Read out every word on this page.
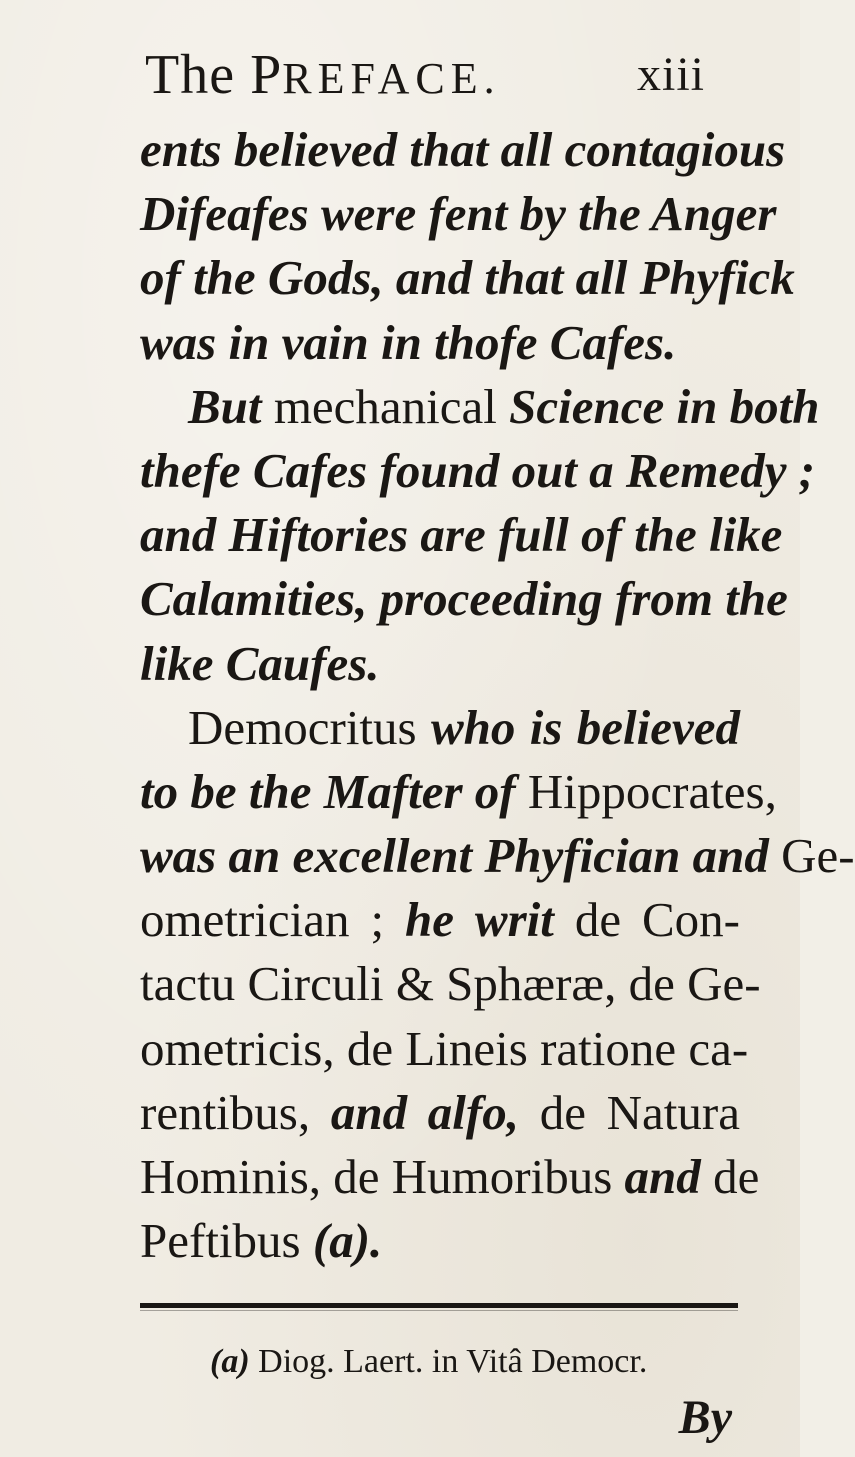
The PREFACE.	xiii
ents believed that all contagious
Difeafes were fent by the Anger
of the Gods, and that all Phyfick
was in vain in thofe Cafes.
But mechanical Science in both
thefe Cafes found out a Remedy ;
and Hiftories are full of the like
Calamities, proceeding from the
like Caufes.
Democritus who is believed
to be the Mafter of Hippocrates,
was an excellent Phyfician and Ge-
ometrician ; he writ de Con-
tactu Circuli & Sphæræ, de Ge-
ometricis, de Lineis ratione ca-
rentibus, and alfo, de Natura
Hominis, de Humoribus and de
Peftibus (a).
(a) Diog. Laert. in Vitâ Democr.
By
